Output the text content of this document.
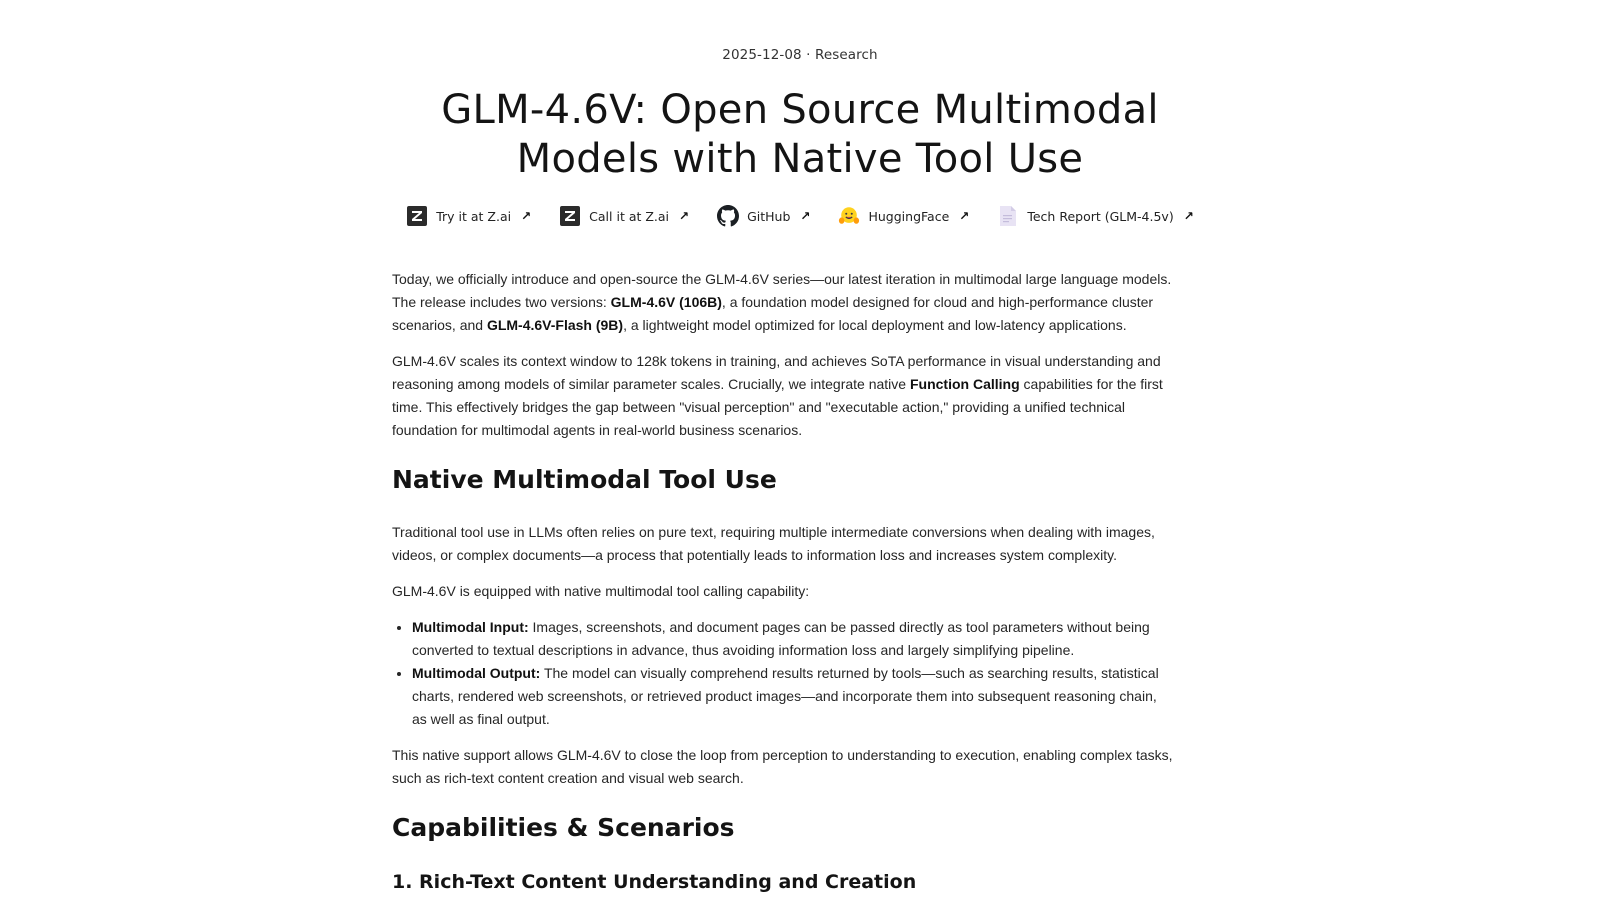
2025-12-08 · Research
GLM-4.6V: Open Source Multimodal
Models with Native Tool Use
Try it at Z.ai ↗	Call it at Z.ai ↗	GitHub ↗	HuggingFace ↗	Tech Report (GLM-4.5v) ↗

Today, we officially introduce and open-source the GLM-4.6V series—our latest iteration in multimodal large language models. The release includes two versions: GLM-4.6V (106B), a foundation model designed for cloud and high-performance cluster scenarios, and GLM-4.6V-Flash (9B), a lightweight model optimized for local deployment and low-latency applications.

GLM-4.6V scales its context window to 128k tokens in training, and achieves SoTA performance in visual understanding and reasoning among models of similar parameter scales. Crucially, we integrate native Function Calling capabilities for the first time. This effectively bridges the gap between "visual perception" and "executable action," providing a unified technical foundation for multimodal agents in real-world business scenarios.

Native Multimodal Tool Use

Traditional tool use in LLMs often relies on pure text, requiring multiple intermediate conversions when dealing with images, videos, or complex documents—a process that potentially leads to information loss and increases system complexity.

GLM-4.6V is equipped with native multimodal tool calling capability:

• Multimodal Input: Images, screenshots, and document pages can be passed directly as tool parameters without being converted to textual descriptions in advance, thus avoiding information loss and largely simplifying pipeline.
• Multimodal Output: The model can visually comprehend results returned by tools—such as searching results, statistical charts, rendered web screenshots, or retrieved product images—and incorporate them into subsequent reasoning chain, as well as final output.

This native support allows GLM-4.6V to close the loop from perception to understanding to execution, enabling complex tasks, such as rich-text content creation and visual web search.

Capabilities & Scenarios
1. Rich-Text Content Understanding and Creation
